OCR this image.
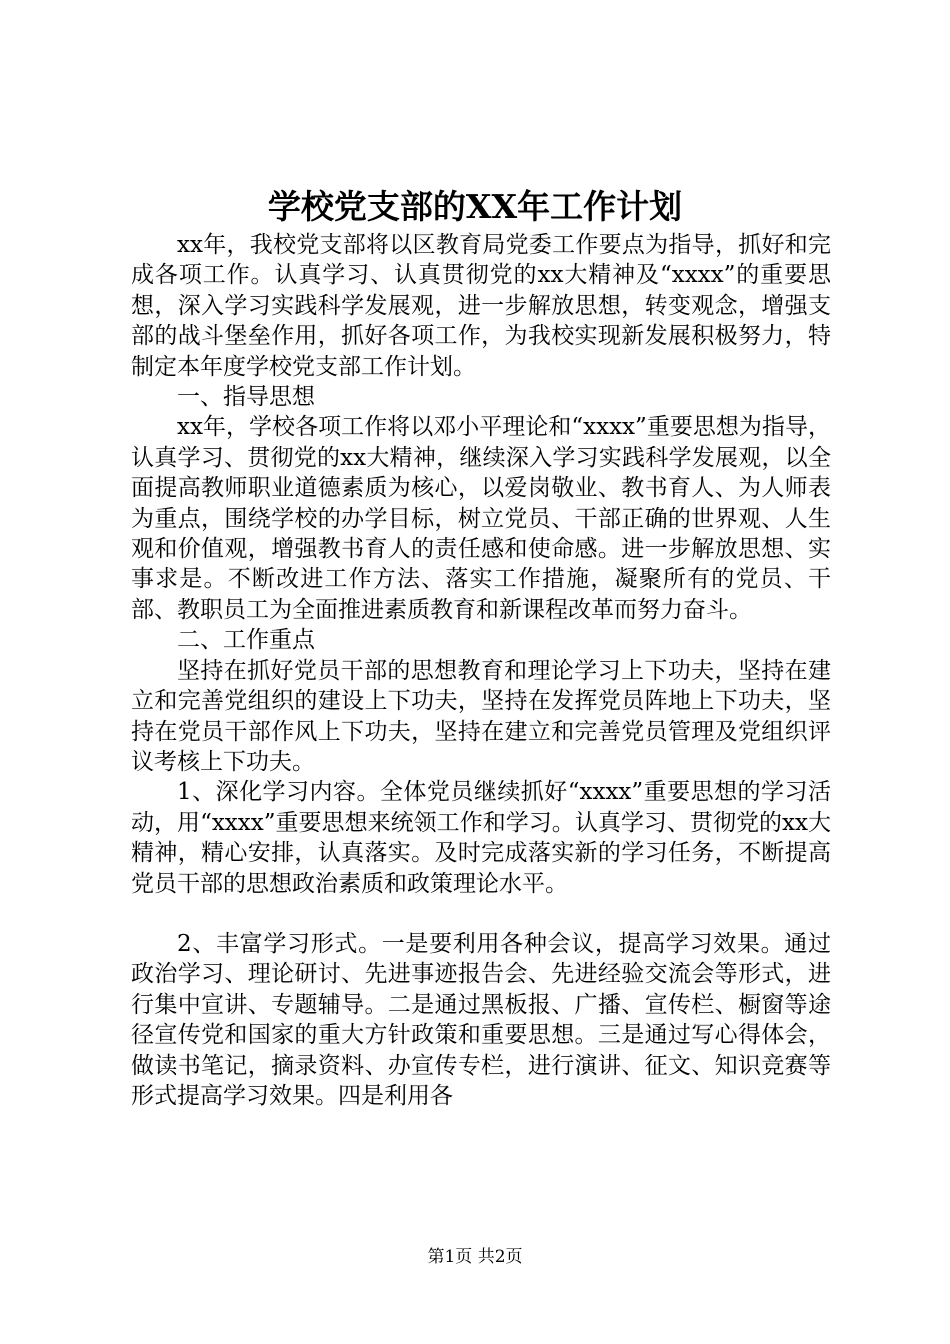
学校党支部的XX年工作计划

xx年，我校党支部将以区教育局党委工作要点为指导，抓好和完成各项工作。认真学习、认真贯彻党的xx大精神及“xxxx”的重要思想，深入学习实践科学发展观，进一步解放思想，转变观念，增强支部的战斗堡垒作用，抓好各项工作，为我校实现新发展积极努力，特制定本年度学校党支部工作计划。

一、指导思想

xx年，学校各项工作将以邓小平理论和“xxxx”重要思想为指导，认真学习、贯彻党的xx大精神，继续深入学习实践科学发展观，以全面提高教师职业道德素质为核心，以爱岗敬业、教书育人、为人师表为重点，围绕学校的办学目标，树立党员、干部正确的世界观、人生观和价值观，增强教书育人的责任感和使命感。进一步解放思想、实事求是。不断改进工作方法、落实工作措施，凝聚所有的党员、干部、教职员工为全面推进素质教育和新课程改革而努力奋斗。

二、工作重点

坚持在抓好党员干部的思想教育和理论学习上下功夫，坚持在建立和完善党组织的建设上下功夫，坚持在发挥党员阵地上下功夫，坚持在党员干部作风上下功夫，坚持在建立和完善党员管理及党组织评议考核上下功夫。

1、深化学习内容。全体党员继续抓好“xxxx”重要思想的学习活动，用“xxxx”重要思想来统领工作和学习。认真学习、贯彻党的xx大精神，精心安排，认真落实。及时完成落实新的学习任务，不断提高党员干部的思想政治素质和政策理论水平。

2、丰富学习形式。一是要利用各种会议，提高学习效果。通过政治学习、理论研讨、先进事迹报告会、先进经验交流会等形式，进行集中宣讲、专题辅导。二是通过黑板报、广播、宣传栏、橱窗等途径宣传党和国家的重大方针政策和重要思想。三是通过写心得体会，做读书笔记，摘录资料、办宣传专栏，进行演讲、征文、知识竞赛等形式提高学习效果。四是利用各

第1页 共2页
